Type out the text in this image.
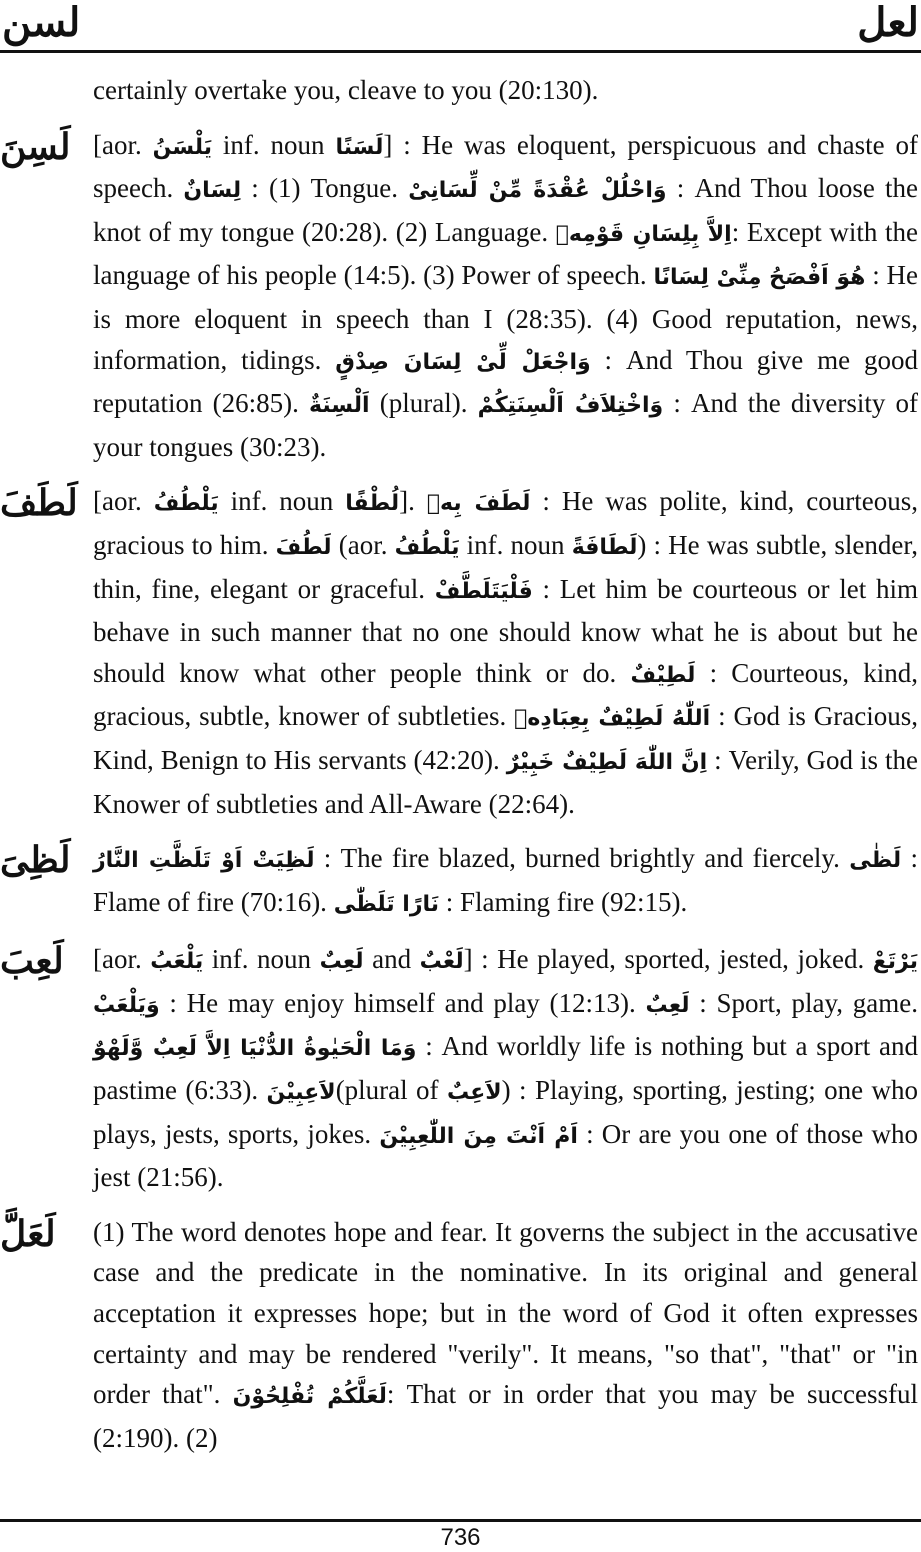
لسن	لعل

certainly overtake you, cleave to you (20:130).

لَسِنَ [aor. يَلْسَنُ inf. noun لَسَنًا] : He was eloquent, perspicuous and chaste of speech. لِسَانٌ : (1) Tongue. وَاحْلُلْ عُقْدَةً مِّنْ لِّسَانِىْ : And Thou loose the knot of my tongue (20:28). (2) Language. اِلاَّ بِلِسَانِ قَوْمِهٖ: Except with the language of his people (14:5). (3) Power of speech. هُوَ اَفْصَحُ مِنِّىْ لِسَانًا : He is more eloquent in speech than I (28:35). (4) Good reputation, news, information, tidings. وَاجْعَلْ لِّىْ لِسَانَ صِدْقٍ : And Thou give me good reputation (26:85). اَلْسِنَةٌ (plural). وَاخْتِلاَفُ اَلْسِنَتِكُمْ : And the diversity of your tongues (30:23).

لَطَفَ [aor. يَلْطُفُ inf. noun لُطْفًا]. لَطَفَ بِهٖ : He was polite, kind, courteous, gracious to him. لَطُفَ (aor. يَلْطُفُ inf. noun لَطَافَةً) : He was subtle, slender, thin, fine, elegant or graceful. فَلْيَتَلَطَّفْ : Let him be courteous or let him behave in such manner that no one should know what he is about but he should know what other people think or do. لَطِيْفٌ : Courteous, kind, gracious, subtle, knower of subtleties. اَللّٰهُ لَطِيْفٌ بِعِبَادِهٖ : God is Gracious, Kind, Benign to His servants (42:20). اِنَّ اللّٰهَ لَطِيْفٌ خَبِيْرٌ : Verily, God is the Knower of subtleties and All-Aware (22:64).

لَظِىَ	لَظِيَتْ اَوْ تَلَظَّتِ النَّارُ : The fire blazed, burned brightly and fiercely. لَظٰى : Flame of fire (70:16). نَارًا تَلَظّٰى : Flaming fire (92:15).

لَعِبَ	[aor. يَلْعَبُ inf. noun لَعِبٌ and لَعْبٌ] : He played, sported, jested, joked. يَرْتَعْ وَيَلْعَبْ : He may enjoy himself and play (12:13). لَعِبٌ : Sport, play, game. وَمَا الْحَيٰوةُ الدُّنْيَا اِلاَّ لَعِبٌ وَّلَهْوٌ : And worldly life is nothing but a sport and pastime (6:33). لاَعِبِيْنَ(plural of لاَعِبٌ) : Playing, sporting, jesting; one who plays, jests, sports, jokes. اَمْ اَنْتَ مِنَ اللّٰعِبِيْنَ : Or are you one of those who jest (21:56).

لَعَلَّ	(1) The word denotes hope and fear. It governs the subject in the accusative case and the predicate in the nominative. In its original and general acceptation it expresses hope; but in the word of God it often expresses certainty and may be rendered "verily". It means, "so that", "that" or "in order that". لَعَلَّكُمْ تُفْلِحُوْنَ: That or in order that you may be successful (2:190). (2)

736
